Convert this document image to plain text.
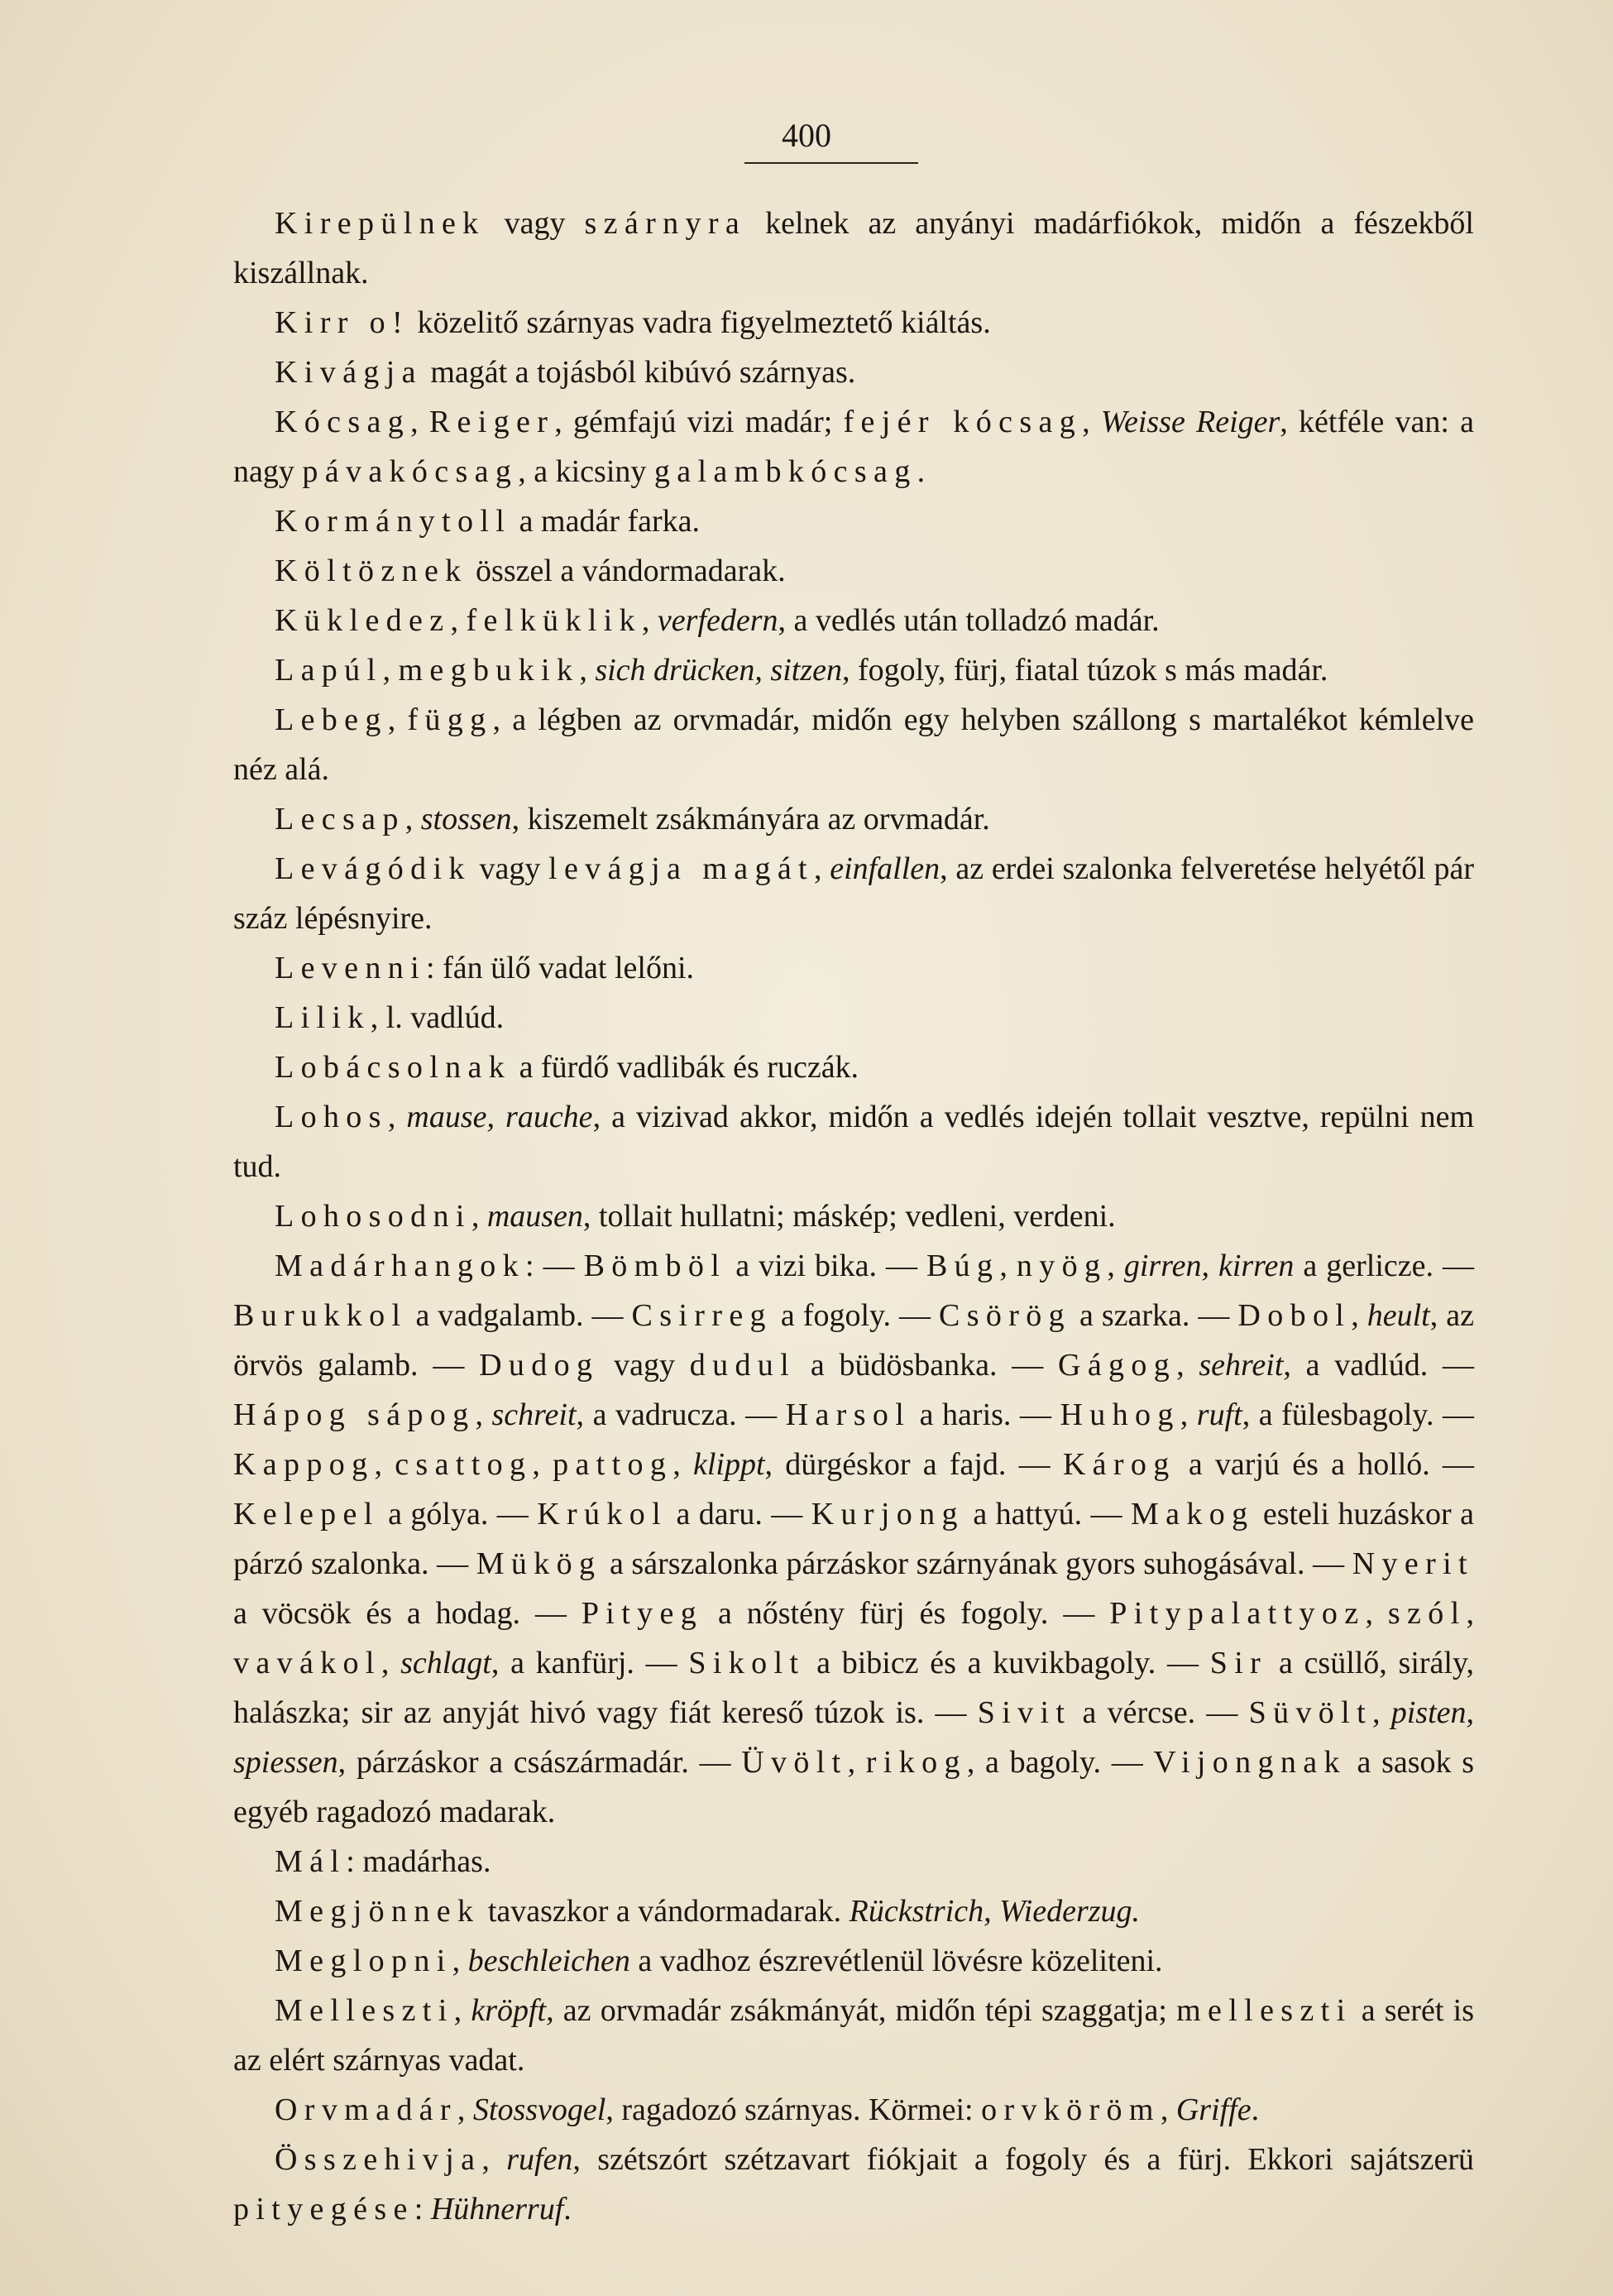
400

Kirepülnek vagy szárnyra kelnek az anyányi madárfiókok, midőn a fészekből kiszállnak.

Kirr o! közelitő szárnyas vadra figyelmeztető kiáltás.

Kivágja magát a tojásból kibúvó szárnyas.

Kócsag, Reiger, gémfajú vizi madár; fejér kócsag, Weisse Reiger, kétféle van: a nagy pávakócsag, a kicsiny galambkócsag.

Kormánytoll a madár farka.

Költöznek összel a vándormadarak.

Kükledez, felküklik, verfedern, a vedlés után tolladzó madár.

Lapúl, megbukik, sich drücken, sitzen, fogoly, fürj, fiatal túzok s más madár.

Lebeg, függ, a légben az orvmadár, midőn egy helyben szállong s martalékot kémlelve néz alá.

Lecsap, stossen, kiszemelt zsákmányára az orvmadár.

Levágódik vagy levágja magát, einfallen, az erdei szalonka felveretése helyétől pár száz lépésnyire.

Levenni: fán ülő vadat lelőni.

Lilik, l. vadlúd.

Lobácsolnak a fürdő vadlibák és ruczák.

Lohos, mause, rauche, a vizivad akkor, midőn a vedlés idején tollait vesztve, repülni nem tud.

Lohosodni, mausen, tollait hullatni; máskép; vedleni, verdeni.

Madárhangok: — Bömböl a vizi bika. — Búg, nyög, girren, kirren a gerlicze. — Burukkol a vadgalamb. — Csirreg a fogoly. — Csörög a szarka. — Dobol, heult, az örvös galamb. — Dudog vagy dudul a büdösbanka. — Gágog, sehreit, a vadlúd. — Hápog sápog, schreit, a vadrucza. — Harsol a haris. — Huhog, ruft, a fülesbagoly. — Kappog, csattog, pattog, klippt, dürgéskor a fajd. — Károg a varjú és a holló. — Kelepel a gólya. — Krúkol a daru. — Kurjong a hattyú. — Makog esteli huzáskor a párzó szalonka. — Mükög a sárszalonka párzáskor szárnyának gyors suhogásával. — Nyerit a vöcsök és a hodag. — Pityeg a nőstény fürj és fogoly. — Pitypalattyoz, szól, vavákol, schlagt, a kanfürj. — Sikolt a bibicz és a kuvikbagoly. — Sir a csüllő, sirály, halászka; sir az anyját hivó vagy fiát kereső túzok is. — Sivit a vércse. — Süvölt, pisten, spiessen, párzáskor a császármadár. — Üvölt, rikog, a bagoly. — Vijongnak a sasok s egyéb ragadozó madarak.

Mál: madárhas.

Megjönnek tavaszkor a vándormadarak. Rückstrich, Wiederzug.

Meglopni, beschleichen a vadhoz észrevétlenül lövésre közeliteni.

Melleszti, kröpft, az orvmadár zsákmányát, midőn tépi szaggatja; melleszti a serét is az elért szárnyas vadat.

Orvmadár, Stossvogel, ragadozó szárnyas. Körmei: orvköröm, Griffe.

Összehivja, rufen, szétszórt szétzavart fiókjait a fogoly és a fürj. Ekkori sajátszerü pityegése: Hühnerruf.
